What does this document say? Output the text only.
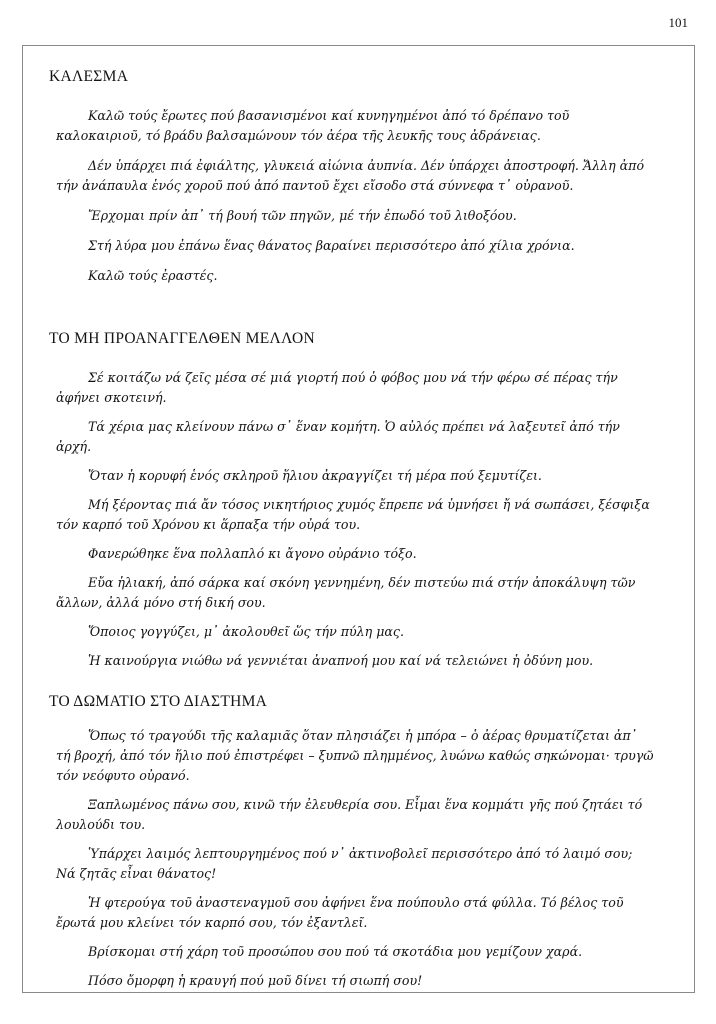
101
ΚΑΛΕΣΜΑ

Καλῶ τούς ἔρωτες πού βασανισμένοι καί κυνηγημένοι ἀπό τό δρέπανο τοῦ καλοκαιριοῦ, τό βράδυ βαλσαμώνουν τόν ἀέρα τῆς λευκῆς τους ἀδράνειας.

Δέν ὑπάρχει πιά ἐφιάλτης, γλυκειά αἰώνια ἀυπνία. Δέν ὑπάρχει ἀποστροφή. Ἄλλη ἀπό τήν ἀνάπαυλα ἑνός χοροῦ πού ἀπό παντοῦ ἔχει εἴσοδο στά σύννεφα τ᾽ οὐρανοῦ.

Ἔρχομαι πρίν ἀπ᾽ τή βουή τῶν πηγῶν, μέ τήν ἐπωδό τοῦ λιθοξόου.

Στή λύρα μου ἐπάνω ἕνας θάνατος βαραίνει περισσότερο ἀπό χίλια χρόνια.

Καλῶ τούς ἐραστές.

ΤΟ ΜΗ ΠΡΟΑΝΑΓΓΕΛΘΕΝ ΜΕΛΛΟΝ

Σέ κοιτάζω νά ζεῖς μέσα σέ μιά γιορτή πού ὁ φόβος μου νά τήν φέρω σέ πέρας τήν ἀφήνει σκοτεινή.

Τά χέρια μας κλείνουν πάνω σ᾽ ἕναν κομήτη. Ὁ αὐλός πρέπει νά λαξευτεῖ ἀπό τήν ἀρχή.

Ὅταν ἡ κορυφή ἑνός σκληροῦ ἥλιου ἀκραγγίζει τή μέρα πού ξεμυτίζει.

Μή ξέροντας πιά ἄν τόσος νικητήριος χυμός ἔπρεπε νά ὑμνήσει ἤ νά σωπάσει, ξέσφιξα τόν καρπό τοῦ Χρόνου κι ἅρπαξα τήν οὐρά του.

Φανερώθηκε ἕνα πολλαπλό κι ἄγονο οὐράνιο τόξο.

Εὔα ἡλιακή, ἀπό σάρκα καί σκόνη γεννημένη, δέν πιστεύω πιά στήν ἀποκάλυψη τῶν ἄλλων, ἀλλά μόνο στή δική σου.

Ὅποιος γογγύζει, μ᾽ ἀκολουθεῖ ὥς τήν πύλη μας.

Ἡ καινούργια νιώθω νά γεννιέται ἀναπνοή μου καί νά τελειώνει ἡ ὀδύνη μου.

ΤΟ ΔΩΜΑΤΙΟ ΣΤΟ ΔΙΑΣΤΗΜΑ

Ὅπως τό τραγούδι τῆς καλαμιᾶς ὅταν πλησιάζει ἡ μπόρα – ὁ ἀέρας θρυματίζεται ἀπ᾽ τή βροχή, ἀπό τόν ἥλιο πού ἐπιστρέφει – ξυπνῶ πλημμένος, λυώνω καθώς σηκώνομαι· τρυγῶ τόν νεόφυτο οὐρανό.

Ξαπλωμένος πάνω σου, κινῶ τήν ἐλευθερία σου. Εἶμαι ἕνα κομμάτι γῆς πού ζητάει τό λουλούδι του.

Ὑπάρχει λαιμός λεπτουργημένος πού ν᾽ ἀκτινοβολεῖ περισσότερο ἀπό τό λαιμό σου; Νά ζητᾶς εἶναι θάνατος!

Ἡ φτερούγα τοῦ ἀναστεναγμοῦ σου ἀφήνει ἕνα πούπουλο στά φύλλα. Τό βέλος τοῦ ἔρωτά μου κλείνει τόν καρπό σου, τόν ἐξαντλεῖ.

Βρίσκομαι στή χάρη τοῦ προσώπου σου πού τά σκοτάδια μου γεμίζουν χαρά.

Πόσο ὄμορφη ἡ κραυγή πού μοῦ δίνει τή σιωπή σου!
